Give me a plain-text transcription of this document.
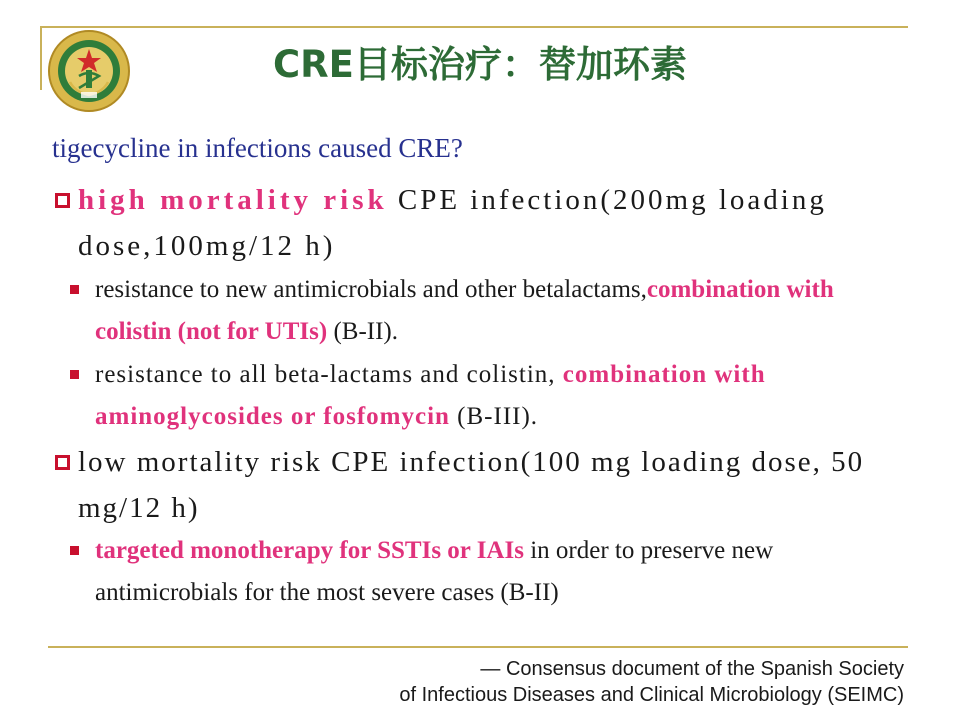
CRE目标治疗：替加环素
tigecycline in infections caused CRE?

high mortality risk CPE infection(200mg loading dose,100mg/12 h)

resistance to new antimicrobials and other betalactams,combination with colistin (not for UTIs) (B-II).

resistance to all beta-lactams and colistin, combination with aminoglycosides or fosfomycin (B-III).

low mortality risk CPE infection(100 mg loading dose, 50 mg/12 h)

targeted monotherapy for SSTIs or IAIs in order to preserve new antimicrobials for the most severe cases (B-II)

— Consensus document of the Spanish Society
of Infectious Diseases and Clinical Microbiology (SEIMC)
